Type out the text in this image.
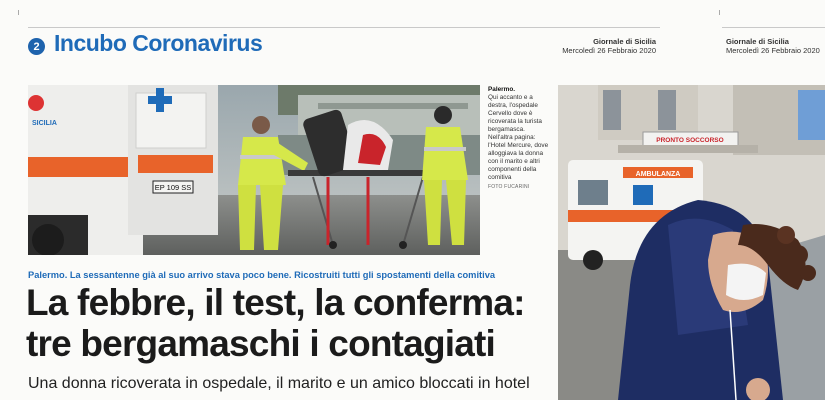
2 Incubo Coronavirus	Giornale di Sicilia
Mercoledì 26 Febbraio 2020
Giornale di Sicilia
Mercoledì 26 Febbraio 2020
EP 109 SS
SICILIA
Palermo.
Qui accanto e a destra, l'ospedale Cervello dove è ricoverata la turista bergamasca. Nell'altra pagina: l'Hotel Mercure, dove alloggiava la donna con il marito e altri componenti della comitiva
FOTO FUCARINI
PRONTO SOCCORSO
AMBULANZA
Palermo. La sessantenne già al suo arrivo stava poco bene. Ricostruiti tutti gli spostamenti della comitiva
La febbre, il test, la conferma:
tre bergamaschi i contagiati
Una donna ricoverata in ospedale, il marito e un amico bloccati in hotel
